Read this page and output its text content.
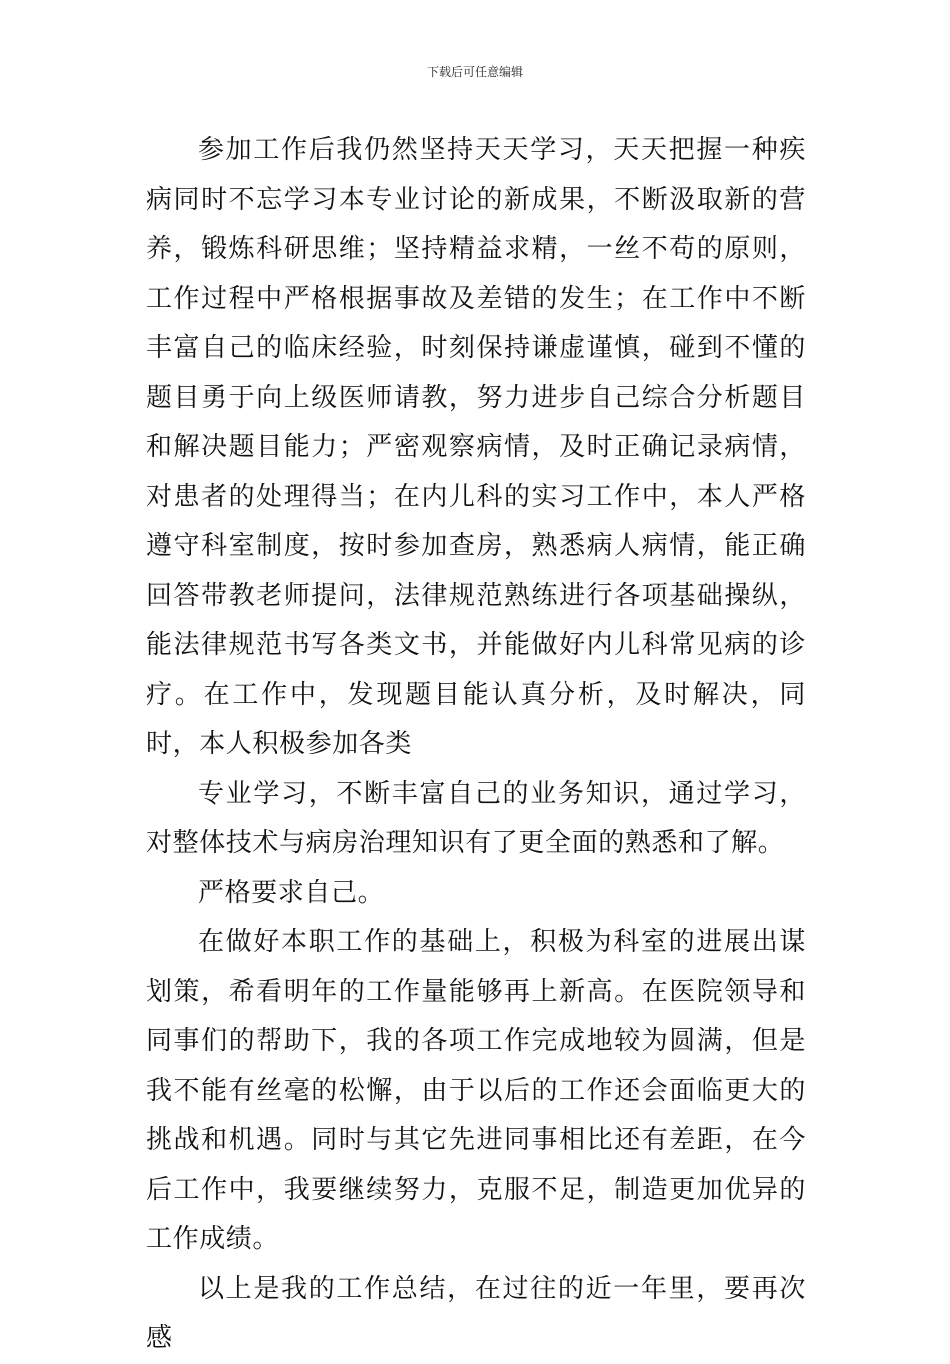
下载后可任意编辑

参加工作后我仍然坚持天天学习，天天把握一种疾病同时不忘学习本专业讨论的新成果，不断汲取新的营养，锻炼科研思维；坚持精益求精，一丝不苟的原则，工作过程中严格根据事故及差错的发生；在工作中不断丰富自己的临床经验，时刻保持谦虚谨慎，碰到不懂的题目勇于向上级医师请教，努力进步自己综合分析题目和解决题目能力；严密观察病情，及时正确记录病情，对患者的处理得当；在内儿科的实习工作中，本人严格遵守科室制度，按时参加查房，熟悉病人病情，能正确回答带教老师提问，法律规范熟练进行各项基础操纵，能法律规范书写各类文书，并能做好内儿科常见病的诊疗。在工作中，发现题目能认真分析，及时解决，同时，本人积极参加各类

专业学习，不断丰富自己的业务知识，通过学习，对整体技术与病房治理知识有了更全面的熟悉和了解。

严格要求自己。

在做好本职工作的基础上，积极为科室的进展出谋划策，希看明年的工作量能够再上新高。在医院领导和同事们的帮助下，我的各项工作完成地较为圆满，但是我不能有丝毫的松懈，由于以后的工作还会面临更大的挑战和机遇。同时与其它先进同事相比还有差距，在今后工作中，我要继续努力，克服不足，制造更加优异的工作成绩。

以上是我的工作总结，在过往的近一年里，要再次感
